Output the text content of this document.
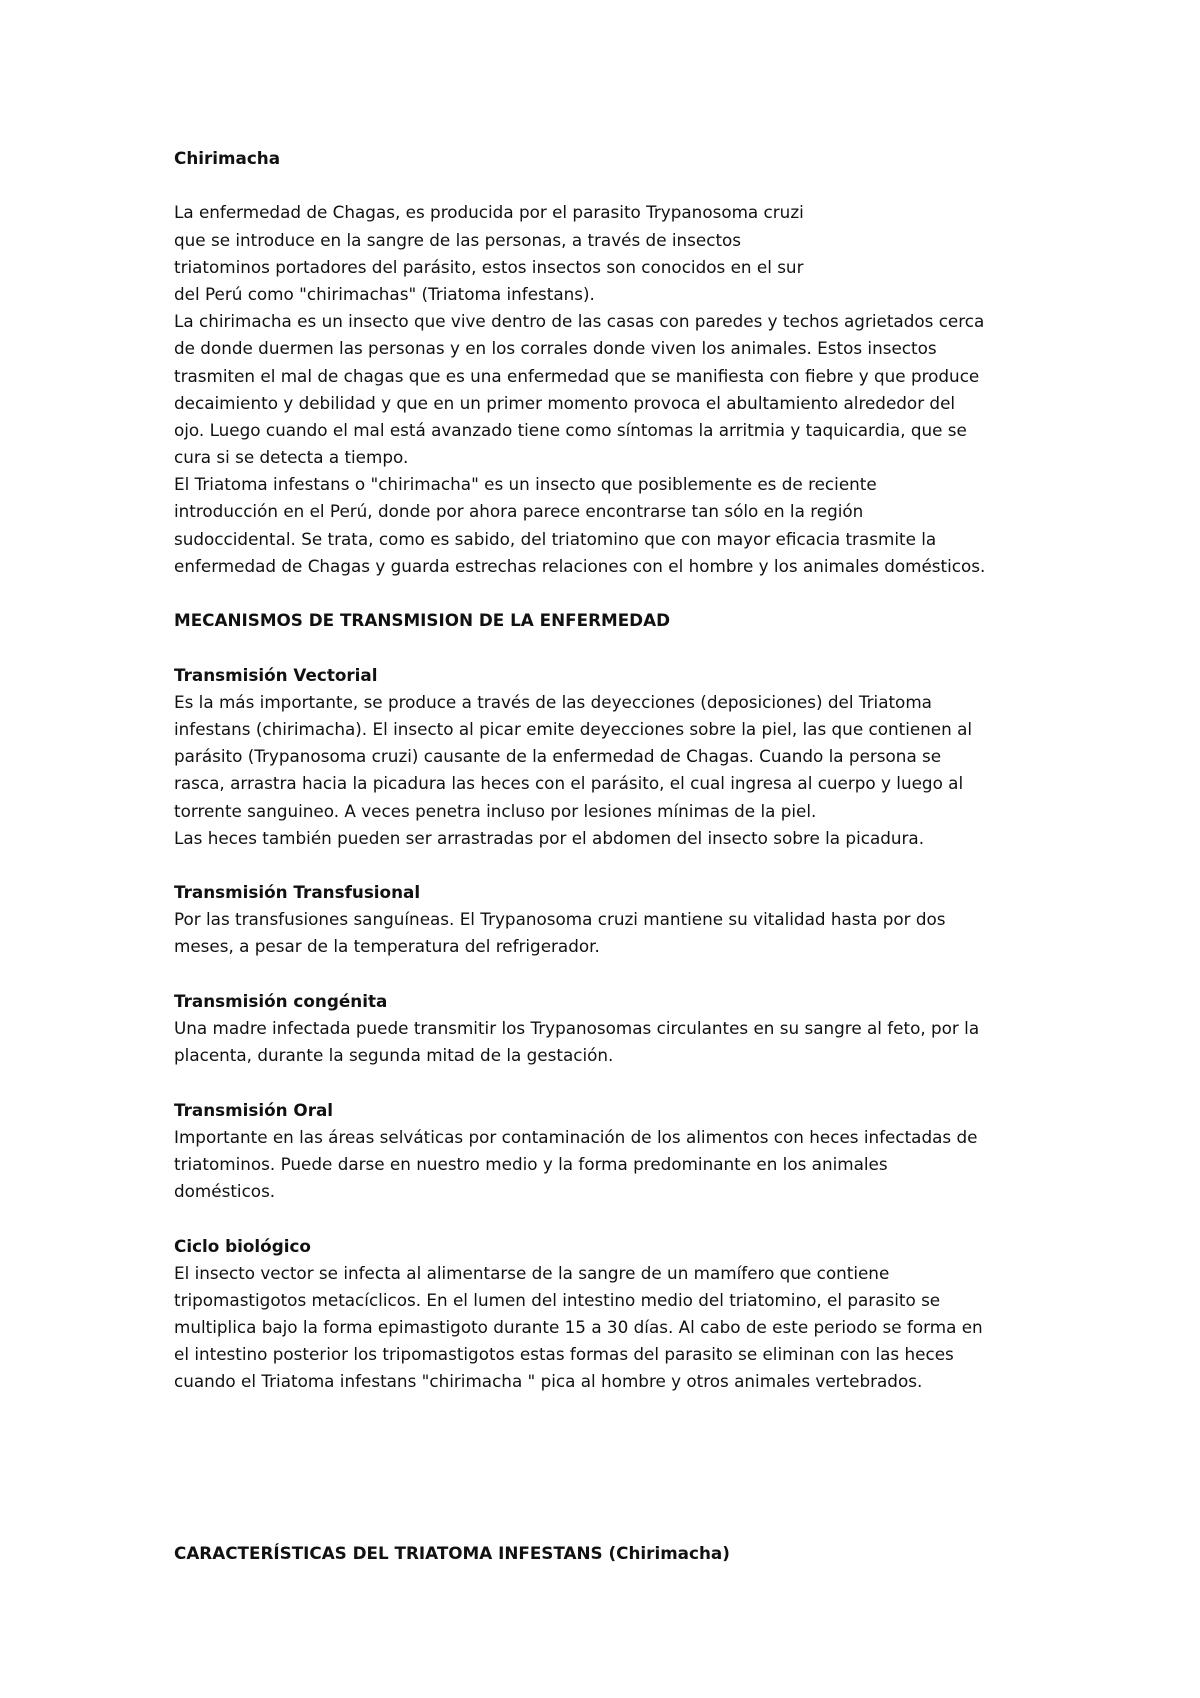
Chirimacha
La enfermedad de Chagas, es producida por el parasito Trypanosoma cruzi
que se introduce en la sangre de las personas, a través de insectos
triatominos portadores del parásito, estos insectos son conocidos en el sur
del Perú como "chirimachas" (Triatoma infestans).
La chirimacha es un insecto que vive dentro de las casas con paredes y techos agrietados cerca
de donde duermen las personas y en los corrales donde viven los animales. Estos insectos
trasmiten el mal de chagas que es una enfermedad que se manifiesta con fiebre y que produce
decaimiento y debilidad y que en un primer momento provoca el abultamiento alrededor del
ojo. Luego cuando el mal está avanzado tiene como síntomas la arritmia y taquicardia, que se
cura si se detecta a tiempo.
El Triatoma infestans o "chirimacha" es un insecto que posiblemente es de reciente
introducción en el Perú, donde por ahora parece encontrarse tan sólo en la región
sudoccidental. Se trata, como es sabido, del triatomino que con mayor eficacia trasmite la
enfermedad de Chagas y guarda estrechas relaciones con el hombre y los animales domésticos.
MECANISMOS DE TRANSMISION DE LA ENFERMEDAD
Transmisión Vectorial
Es la más importante, se produce a través de las deyecciones (deposiciones) del Triatoma
infestans (chirimacha). El insecto al picar emite deyecciones sobre la piel, las que contienen al
parásito (Trypanosoma cruzi) causante de la enfermedad de Chagas. Cuando la persona se
rasca, arrastra hacia la picadura las heces con el parásito, el cual ingresa al cuerpo y luego al
torrente sanguineo. A veces penetra incluso por lesiones mínimas de la piel.
Las heces también pueden ser arrastradas por el abdomen del insecto sobre la picadura.
Transmisión Transfusional
Por las transfusiones sanguíneas. El Trypanosoma cruzi mantiene su vitalidad hasta por dos
meses, a pesar de la temperatura del refrigerador.
Transmisión congénita
Una madre infectada puede transmitir los Trypanosomas circulantes en su sangre al feto, por la
placenta, durante la segunda mitad de la gestación.
Transmisión Oral
Importante en las áreas selváticas por contaminación de los alimentos con heces infectadas de
triatominos. Puede darse en nuestro medio y la forma predominante en los animales
domésticos.
Ciclo biológico
El insecto vector se infecta al alimentarse de la sangre de un mamífero que contiene
tripomastigotos metacíclicos. En el lumen del intestino medio del triatomino, el parasito se
multiplica bajo la forma epimastigoto durante 15 a 30 días. Al cabo de este periodo se forma en
el intestino posterior los tripomastigotos estas formas del parasito se eliminan con las heces
cuando el Triatoma infestans "chirimacha " pica al hombre y otros animales vertebrados.
CARACTERÍSTICAS DEL TRIATOMA INFESTANS (Chirimacha)
